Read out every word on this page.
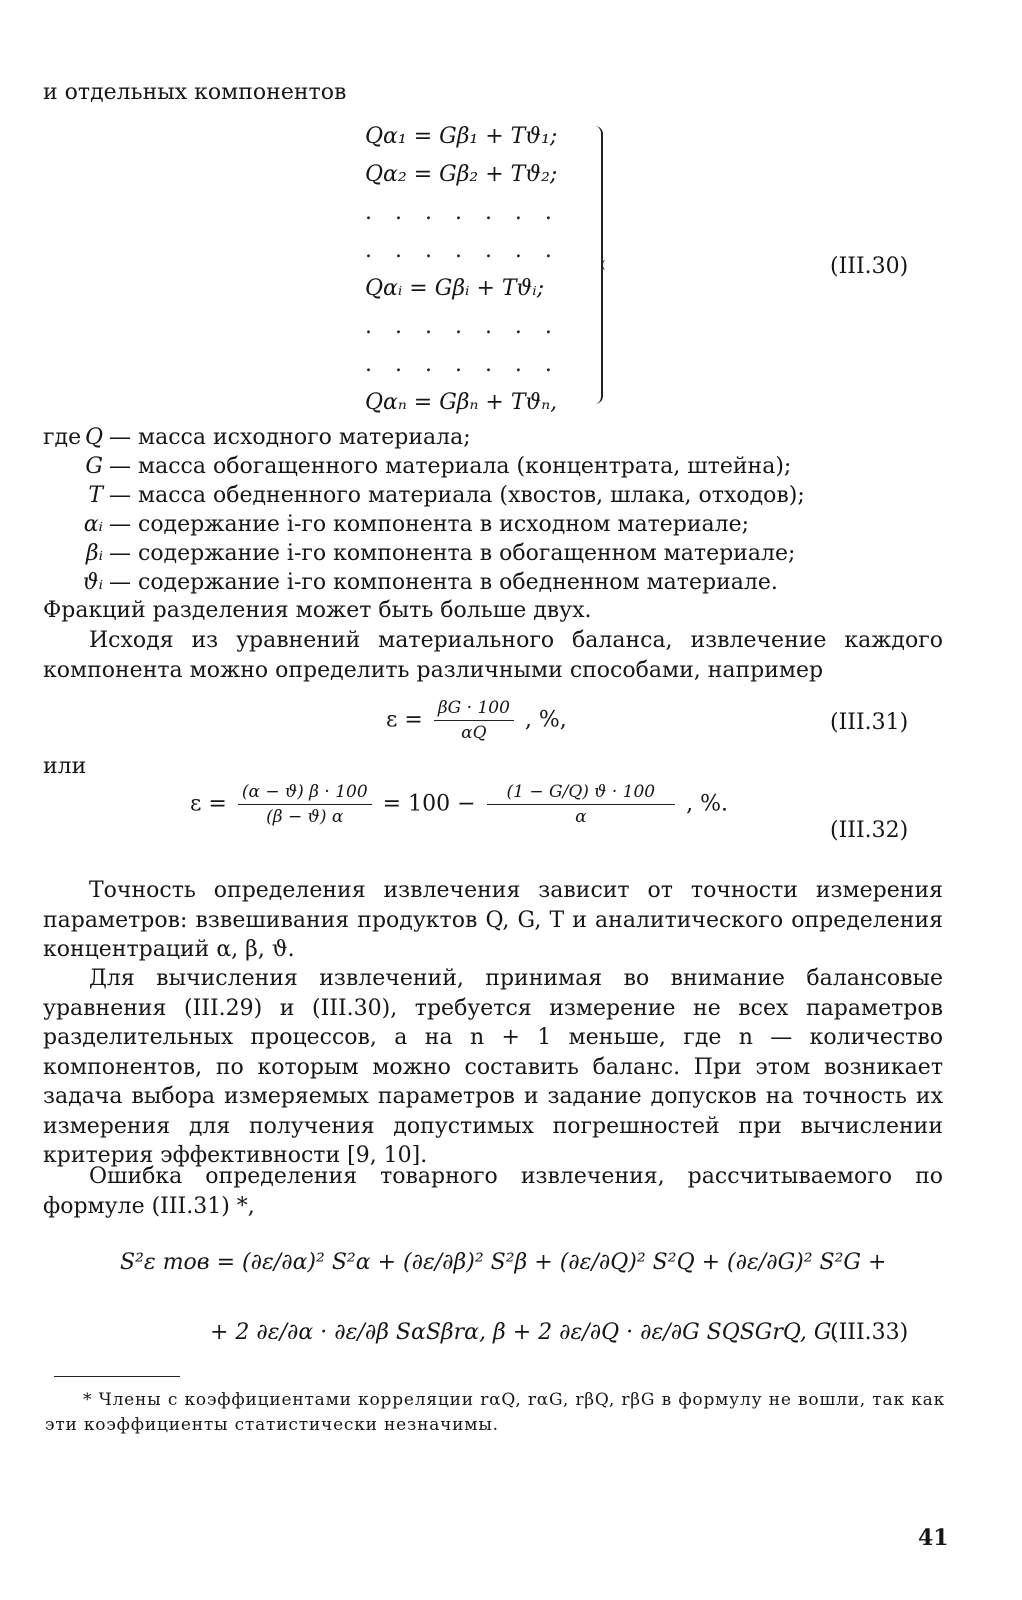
и отдельных компонентов

Qα₁ = Gβ₁ + Tϑ₁;
Qα₂ = Gβ₂ + Tϑ₂;
. . . . . . .
. . . . . . .
Qαᵢ = Gβᵢ + Tϑᵢ;
. . . . . . .
. . . . . . .
Qαₙ = Gβₙ + Tϑₙ,
(III.30)
где Q — масса исходного материала;
G — масса обогащенного материала (концентрата, штейна);
T — масса обедненного материала (хвостов, шлака, отходов);
αᵢ — содержание i-го компонента в исходном материале;
βᵢ — содержание i-го компонента в обогащенном материале;
ϑᵢ — содержание i-го компонента в обедненном материале.

Фракций разделения может быть больше двух.

Исходя из уравнений материального баланса, извлечение каждого компонента можно определить различными способами, например

$\varepsilon = \frac{\beta G \cdot 100}{\alpha Q}$ , %,	(III.31)

или

$\varepsilon = \frac{(\alpha - ϑ) \beta \cdot 100}{(\beta - ϑ) \alpha} = 100 - \frac{(1 - G/Q) ϑ \cdot 100}{\alpha}$ , %.
(III.32)

Точность определения извлечения зависит от точности измерения параметров: взвешивания продуктов Q, G, T и аналитического определения концентраций α, β, ϑ.

Для вычисления извлечений, принимая во внимание балансовые уравнения (III.29) и (III.30), требуется измерение не всех параметров разделительных процессов, а на n + 1 меньше, где n — количество компонентов, по которым можно составить баланс. При этом возникает задача выбора измеряемых параметров и задание допусков на точность их измерения для получения допустимых погрешностей при вычислении критерия эффективности [9, 10].

Ошибка определения товарного извлечения, рассчитываемого по формуле (III.31) *,

S²ε тов = (∂ε/∂α)² S²α + (∂ε/∂β)² S²β + (∂ε/∂Q)² S²Q + (∂ε/∂G)² S²G +
+ 2 ∂ε/∂α · ∂ε/∂β SαSβrα, β + 2 ∂ε/∂Q · ∂ε/∂G SQSGrQ, G.
(III.33)

* Члены с коэффициентами корреляции rαQ, rαG, rβQ, rβG в формулу не вошли, так как эти коэффициенты статистически незначимы.

41
